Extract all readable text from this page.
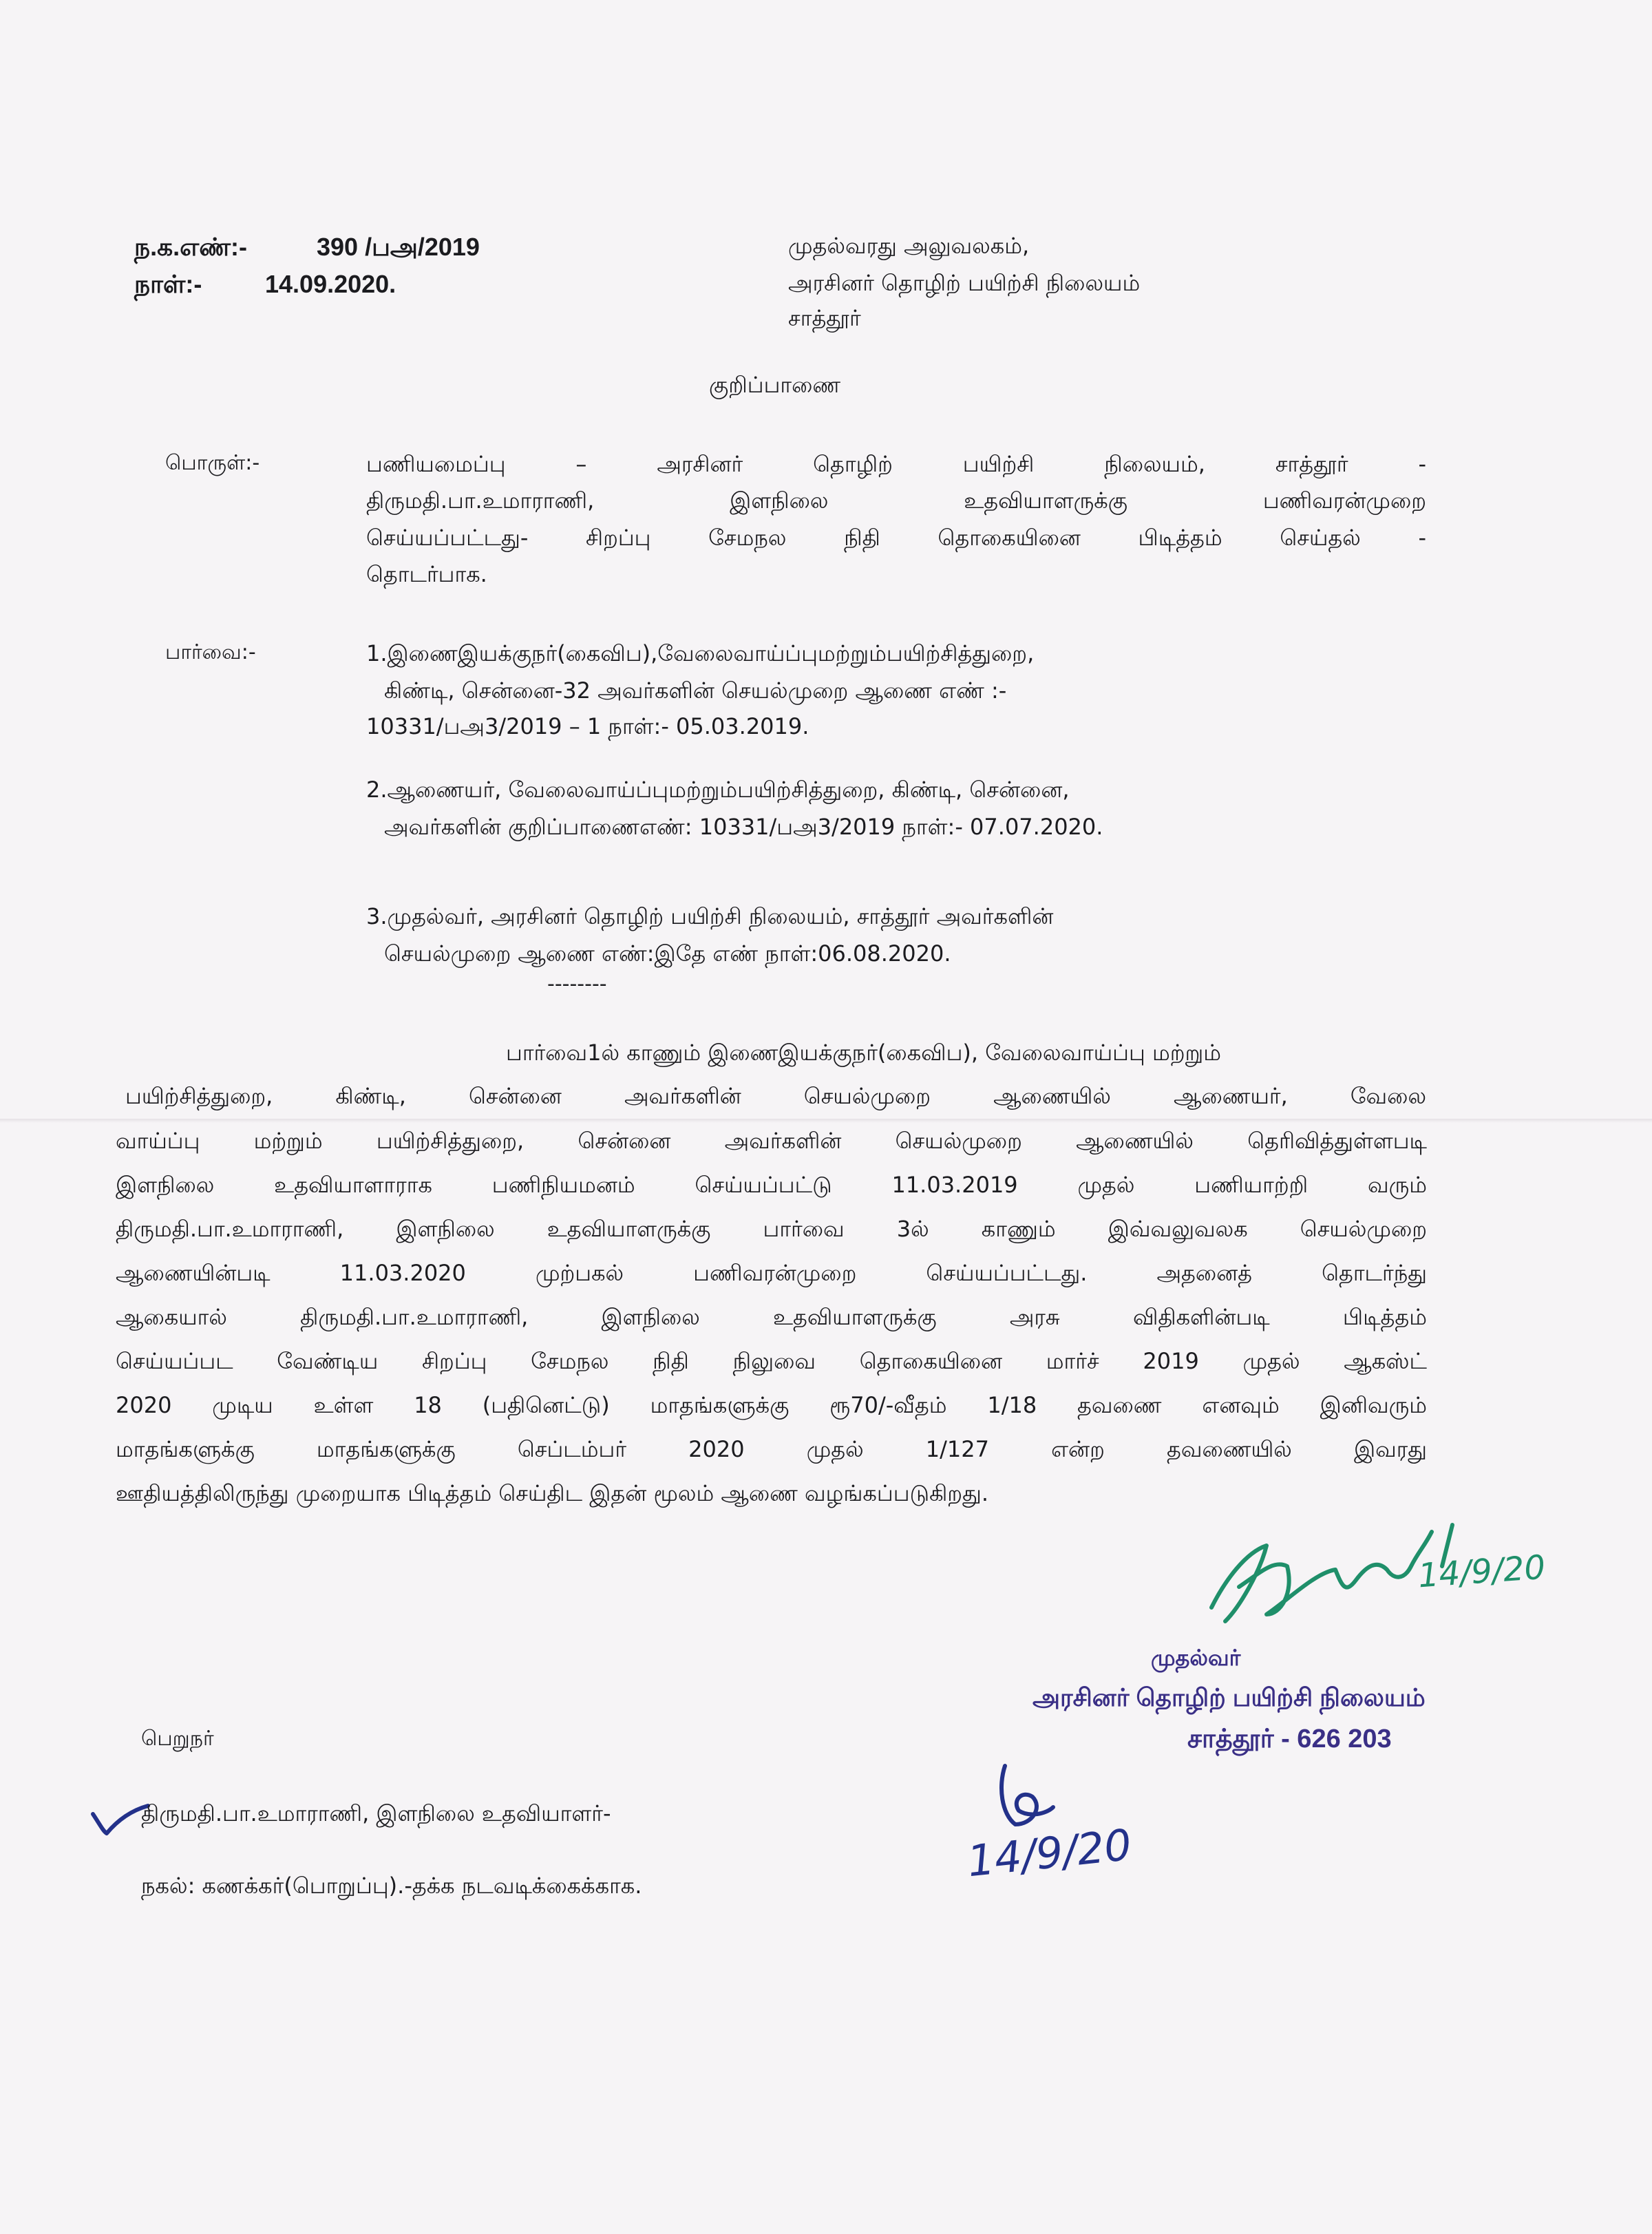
ந.க.எண்:-	390 /பஅ/2019
நாள்:-	14.09.2020.
முதல்வரது அலுவலகம்,
அரசினர் தொழிற் பயிற்சி நிலையம்
சாத்தூர்
குறிப்பாணை
பொருள்:-	பணியமைப்பு – அரசினர் தொழிற் பயிற்சி நிலையம், சாத்தூர் -
திருமதி.பா.உமாராணி, இளநிலை உதவியாளருக்கு பணிவரன்முறை
செய்யப்பட்டது- சிறப்பு சேமநல நிதி தொகையினை பிடித்தம் செய்தல் -
தொடர்பாக.
பார்வை:-	1.இணைஇயக்குநர்(கைவிப),வேலைவாய்ப்புமற்றும்பயிற்சித்துறை,
கிண்டி, சென்னை-32 அவர்களின் செயல்முறை ஆணை எண் :-
10331/பஅ3/2019 – 1 நாள்:- 05.03.2019.
2.ஆணையர், வேலைவாய்ப்புமற்றும்பயிற்சித்துறை, கிண்டி, சென்னை,
அவர்களின் குறிப்பாணைஎண்: 10331/பஅ3/2019 நாள்:- 07.07.2020.
3.முதல்வர், அரசினர் தொழிற் பயிற்சி நிலையம், சாத்தூர் அவர்களின்
செயல்முறை ஆணை எண்:இதே எண் நாள்:06.08.2020.
--------
பார்வை1ல் காணும் இணைஇயக்குநர்(கைவிப), வேலைவாய்ப்பு மற்றும்
பயிற்சித்துறை, கிண்டி, சென்னை அவர்களின் செயல்முறை ஆணையில் ஆணையர், வேலை
வாய்ப்பு மற்றும் பயிற்சித்துறை, சென்னை அவர்களின் செயல்முறை ஆணையில் தெரிவித்துள்ளபடி
இளநிலை உதவியாளாராக பணிநியமனம் செய்யப்பட்டு 11.03.2019 முதல் பணியாற்றி வரும்
திருமதி.பா.உமாராணி, இளநிலை உதவியாளருக்கு பார்வை 3ல் காணும் இவ்வலுவலக செயல்முறை
ஆணையின்படி 11.03.2020 முற்பகல் பணிவரன்முறை செய்யப்பட்டது. அதனைத் தொடர்ந்து
ஆகையால் திருமதி.பா.உமாராணி, இளநிலை உதவியாளருக்கு அரசு விதிகளின்படி பிடித்தம்
செய்யப்பட வேண்டிய சிறப்பு சேமநல நிதி நிலுவை தொகையினை மார்ச் 2019 முதல் ஆகஸ்ட்
2020 முடிய உள்ள 18 (பதினெட்டு) மாதங்களுக்கு ரூ70/-வீதம் 1/18 தவணை எனவும் இனிவரும்
மாதங்களுக்கு மாதங்களுக்கு செப்டம்பர் 2020 முதல் 1/127 என்ற தவணையில் இவரது
ஊதியத்திலிருந்து முறையாக பிடித்தம் செய்திட இதன் மூலம் ஆணை வழங்கப்படுகிறது.
14/9/20
முதல்வர்
அரசினர் தொழிற் பயிற்சி நிலையம்
சாத்தூர் - 626 203
பெறுநர்
திருமதி.பா.உமாராணி, இளநிலை உதவியாளர்-
நகல்: கணக்கர்(பொறுப்பு).-தக்க நடவடிக்கைக்காக.	14/9/20
